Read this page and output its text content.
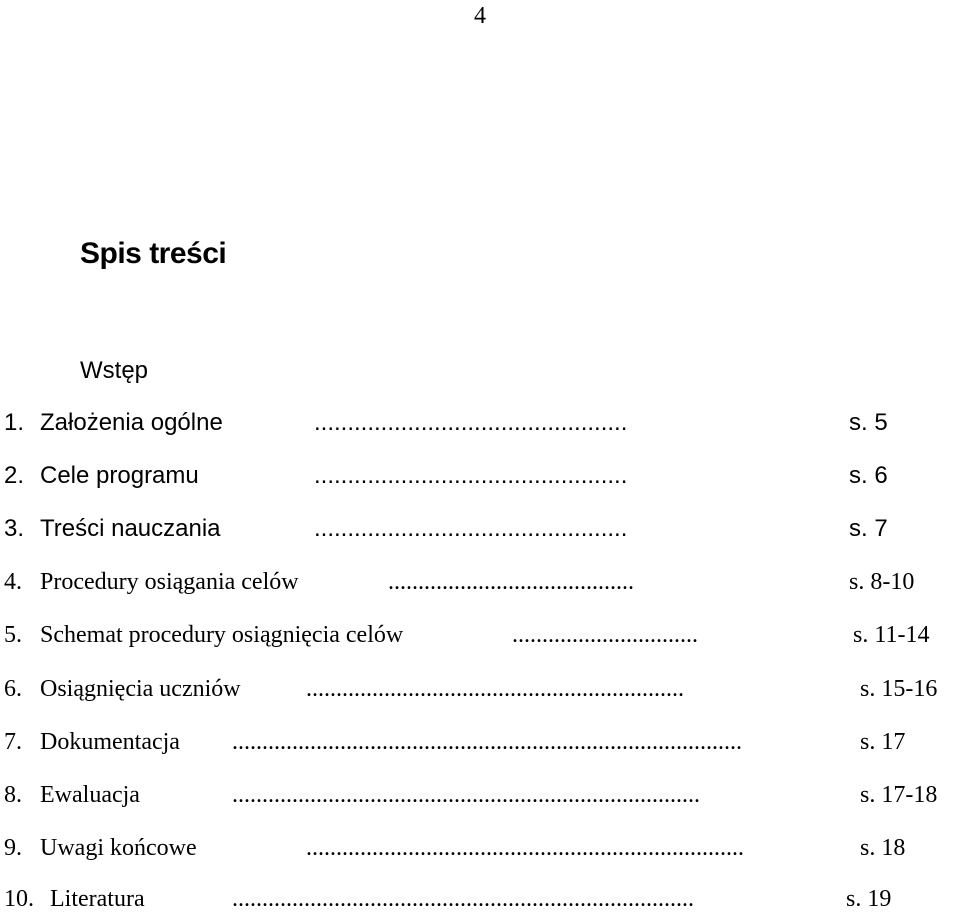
4
Spis treści
Wstęp
1. Założenia ogólne	...............................................	s. 5
2. Cele programu	...............................................	s. 6
3. Treści nauczania	...............................................	s. 7
4. Procedury osiągania celów	.........................................	s. 8-10
5. Schemat procedury osiągnięcia celów	...............................	s. 11-14
6. Osiągnięcia uczniów	...............................................................	s. 15-16
7. Dokumentacja .....................................................................................	s. 17
8. Ewaluacja	..............................................................................	s. 17-18
9. Uwagi końcowe	.........................................................................	s. 18
10. Literatura	.............................................................................	s. 19
